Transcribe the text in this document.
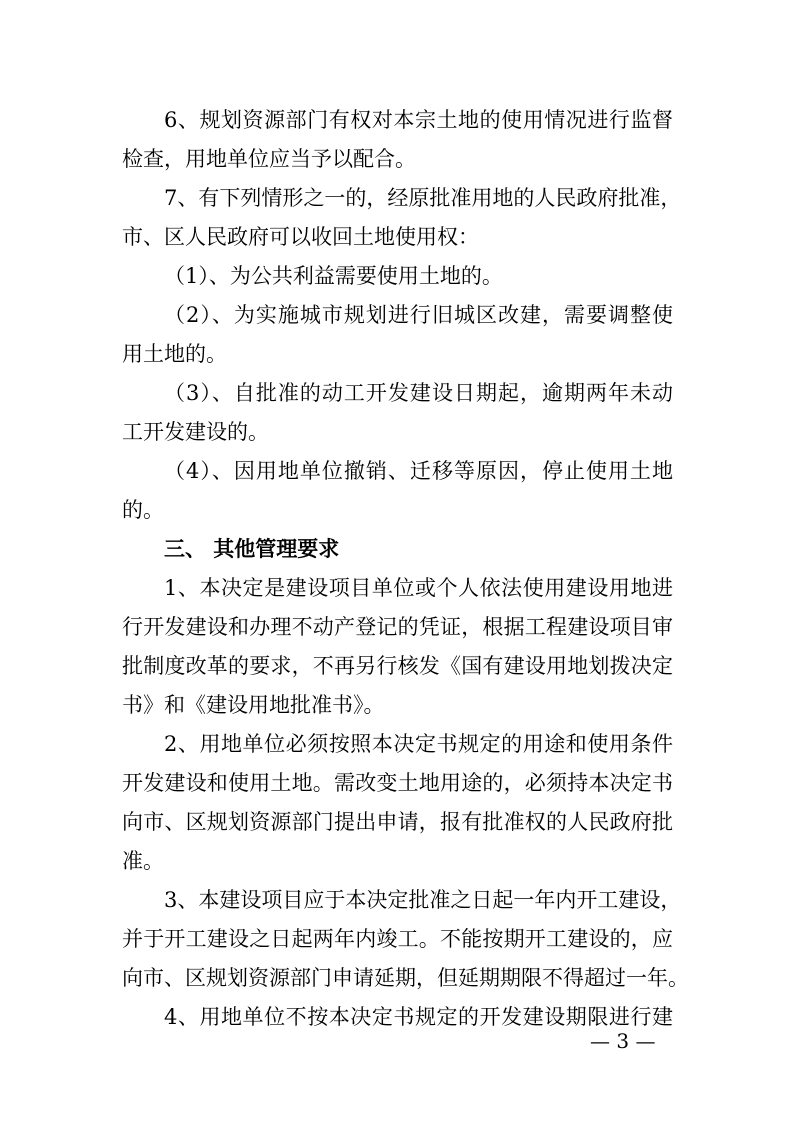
6、规划资源部门有权对本宗土地的使用情况进行监督
检查，用地单位应当予以配合。
7、有下列情形之一的，经原批准用地的人民政府批准，
市、区人民政府可以收回土地使用权：
（1）、为公共利益需要使用土地的。
（2）、为实施城市规划进行旧城区改建，需要调整使
用土地的。
（3）、自批准的动工开发建设日期起，逾期两年未动
工开发建设的。
（4）、因用地单位撤销、迁移等原因，停止使用土地
的。
三、 其他管理要求
1、本决定是建设项目单位或个人依法使用建设用地进
行开发建设和办理不动产登记的凭证，根据工程建设项目审
批制度改革的要求，不再另行核发《国有建设用地划拨决定
书》和《建设用地批准书》。
2、用地单位必须按照本决定书规定的用途和使用条件
开发建设和使用土地。需改变土地用途的，必须持本决定书
向市、区规划资源部门提出申请，报有批准权的人民政府批
准。
3、本建设项目应于本决定批准之日起一年内开工建设，
并于开工建设之日起两年内竣工。不能按期开工建设的，应
向市、区规划资源部门申请延期，但延期期限不得超过一年。
4、用地单位不按本决定书规定的开发建设期限进行建
— 3 —
